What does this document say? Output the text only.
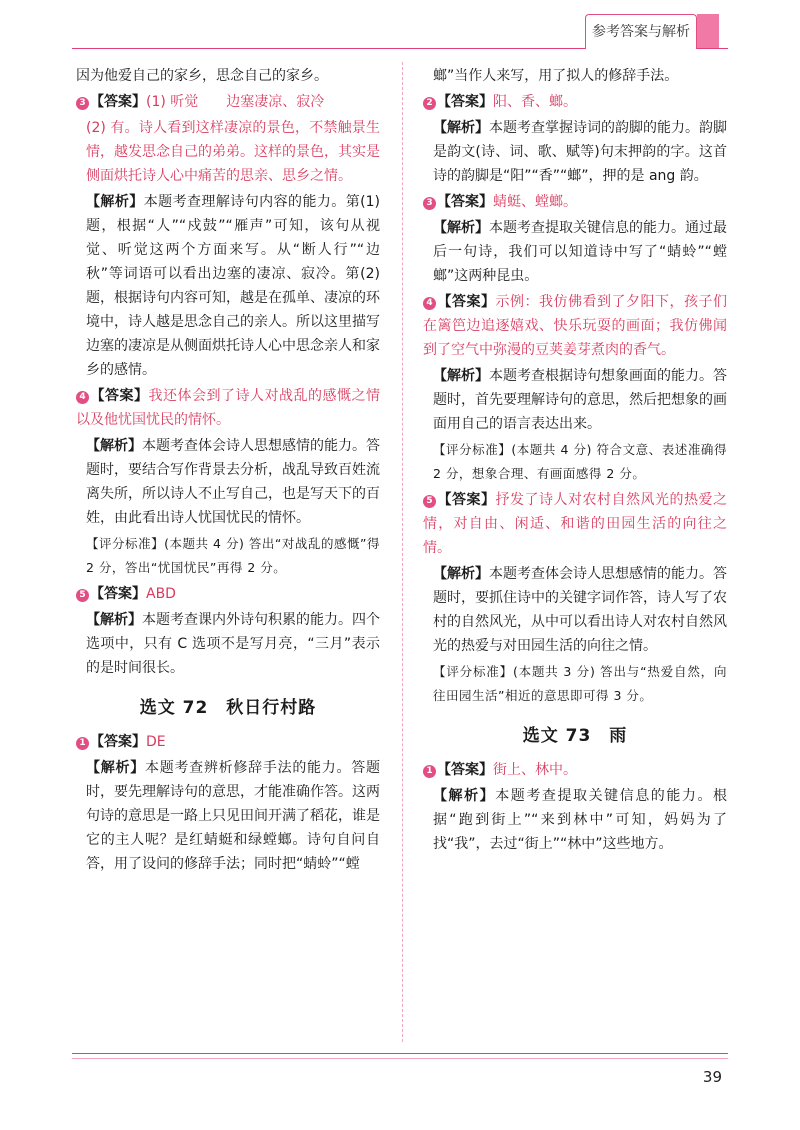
参考答案与解析

因为他爱自己的家乡，思念自己的家乡。

3 【答案】(1) 听觉　　边塞凄凉、寂冷

(2) 有。诗人看到这样凄凉的景色，不禁触景生情，越发思念自己的弟弟。这样的景色，其实是侧面烘托诗人心中痛苦的思亲、思乡之情。

【解析】本题考查理解诗句内容的能力。第(1)题，根据“人”“戍鼓”“雁声”可知，该句从视觉、听觉这两个方面来写。从“断人行”“边秋”等词语可以看出边塞的凄凉、寂冷。第(2)题，根据诗句内容可知，越是在孤单、凄凉的环境中，诗人越是思念自己的亲人。所以这里描写边塞的凄凉是从侧面烘托诗人心中思念亲人和家乡的感情。

4 【答案】我还体会到了诗人对战乱的感慨之情以及他忧国忧民的情怀。

【解析】本题考查体会诗人思想感情的能力。答题时，要结合写作背景去分析，战乱导致百姓流离失所，所以诗人不止写自己，也是写天下的百姓，由此看出诗人忧国忧民的情怀。

【评分标准】(本题共 4 分) 答出“对战乱的感慨”得 2 分，答出“忧国忧民”再得 2 分。

5 【答案】ABD

【解析】本题考查课内外诗句积累的能力。四个选项中，只有 C 选项不是写月亮，“三月”表示的是时间很长。

选文 72　秋日行村路

1 【答案】DE

【解析】本题考查辨析修辞手法的能力。答题时，要先理解诗句的意思，才能准确作答。这两句诗的意思是一路上只见田间开满了稻花，谁是它的主人呢？是红蜻蜓和绿螳螂。诗句自问自答，用了设问的修辞手法；同时把“蜻蛉”“螳

螂”当作人来写，用了拟人的修辞手法。

2 【答案】阳、香、螂。

【解析】本题考查掌握诗词的韵脚的能力。韵脚是韵文(诗、词、歌、赋等)句末押韵的字。这首诗的韵脚是“阳”“香”“螂”，押的是 ang 韵。

3 【答案】蜻蜓、螳螂。

【解析】本题考查提取关键信息的能力。通过最后一句诗，我们可以知道诗中写了“蜻蛉”“螳螂”这两种昆虫。

4 【答案】示例：我仿佛看到了夕阳下，孩子们在篱笆边追逐嬉戏、快乐玩耍的画面；我仿佛闻到了空气中弥漫的豆荚姜芽煮肉的香气。

【解析】本题考查根据诗句想象画面的能力。答题时，首先要理解诗句的意思，然后把想象的画面用自己的语言表达出来。

【评分标准】(本题共 4 分) 符合文意、表述准确得 2 分，想象合理、有画面感得 2 分。

5 【答案】抒发了诗人对农村自然风光的热爱之情，对自由、闲适、和谐的田园生活的向往之情。

【解析】本题考查体会诗人思想感情的能力。答题时，要抓住诗中的关键字词作答，诗人写了农村的自然风光，从中可以看出诗人对农村自然风光的热爱与对田园生活的向往之情。

【评分标准】(本题共 3 分) 答出与“热爱自然，向往田园生活”相近的意思即可得 3 分。

选文 73　雨

1 【答案】街上、林中。

【解析】本题考查提取关键信息的能力。根据“跑到街上”“来到林中”可知，妈妈为了找“我”，去过“街上”“林中”这些地方。

39
